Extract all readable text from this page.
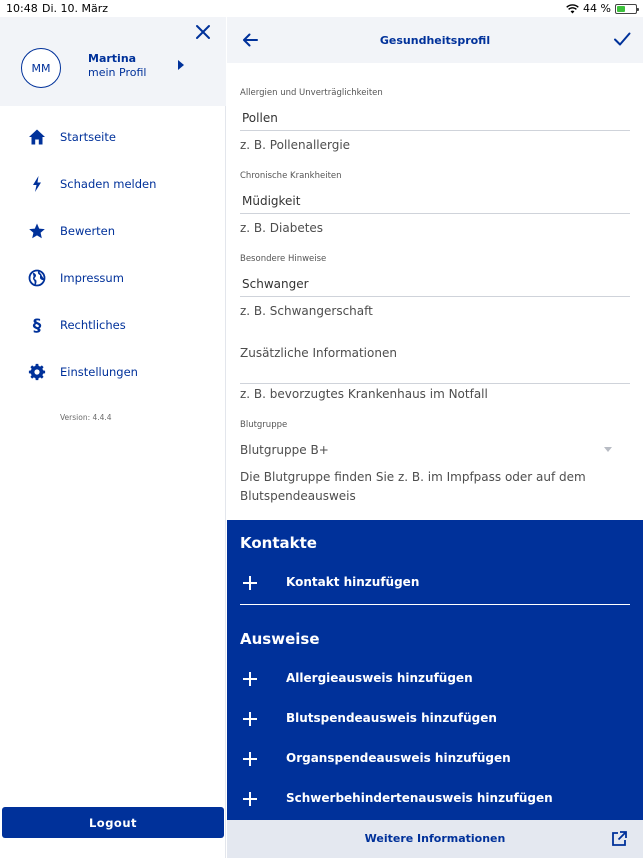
10:48 Di. 10. März	44 %
MM
Martina
mein Profil
Startseite
Schaden melden
Bewerten
Impressum
§ Rechtliches
Einstellungen
Version: 4.4.4
Logout
Gesundheitsprofil
Allergien und Unverträglichkeiten
Pollen
z. B. Pollenallergie
Chronische Krankheiten
Müdigkeit
z. B. Diabetes
Besondere Hinweise
Schwanger
z. B. Schwangerschaft
Zusätzliche Informationen
z. B. bevorzugtes Krankenhaus im Notfall
Blutgruppe
Blutgruppe B+
Die Blutgruppe finden Sie z. B. im Impfpass oder auf dem Blutspendeausweis
Kontakte
Kontakt hinzufügen
Ausweise
Allergieausweis hinzufügen
Blutspendeausweis hinzufügen
Organspendeausweis hinzufügen
Schwerbehindertenausweis hinzufügen
Weitere Informationen
